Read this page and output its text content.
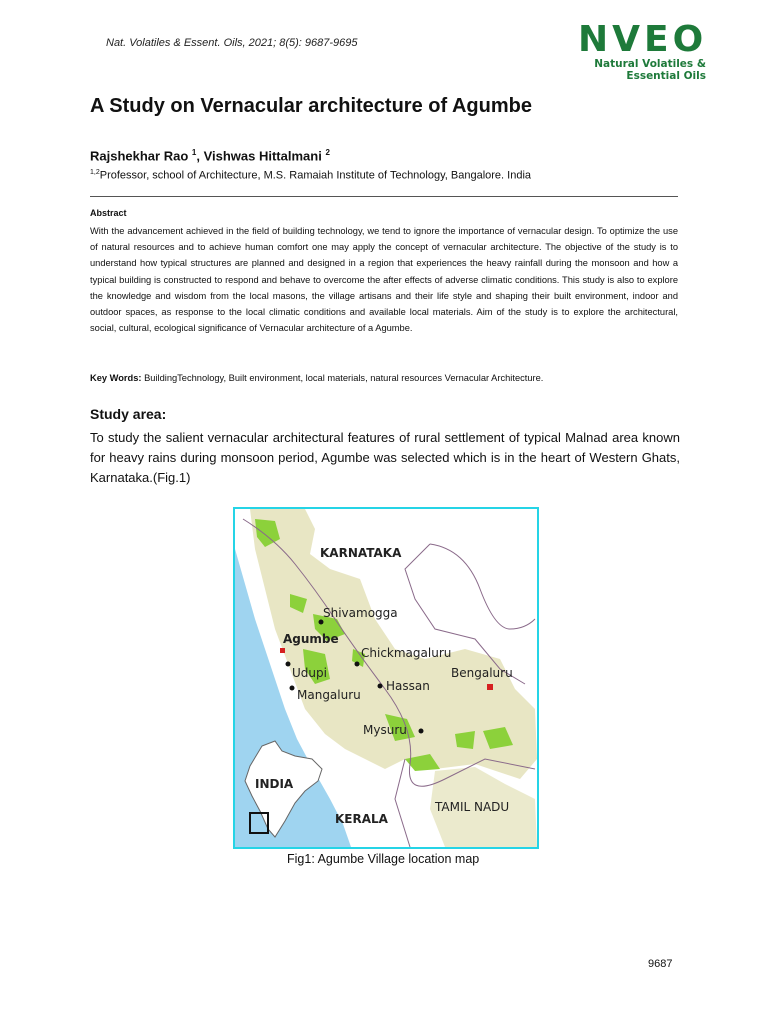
Nat. Volatiles & Essent. Oils, 2021; 8(5): 9687-9695	NVEO
Natural Volatiles &
Essential Oils
A Study on Vernacular architecture of Agumbe
Rajshekhar Rao $^1$, Vishwas Hittalmani $^2$
$^{1,2}$Professor, school of Architecture, M.S. Ramaiah Institute of Technology, Bangalore. India
Abstract
With the advancement achieved in the field of building technology, we tend to ignore the importance of vernacular design. To optimize the use of natural resources and to achieve human comfort one may apply the concept of vernacular architecture. The objective of the study is to understand how typical structures are planned and designed in a region that experiences the heavy rainfall during the monsoon and how a typical building is constructed to respond and behave to overcome the after effects of adverse climatic conditions. This study is also to explore the knowledge and wisdom from the local masons, the village artisans and their life style and shaping their built environment, indoor and outdoor spaces, as response to the local climatic conditions and available local materials. Aim of the study is to explore the architectural, social, cultural, ecological significance of Vernacular architecture of a Agumbe.
Key Words: BuildingTechnology, Built environment, local materials, natural resources Vernacular Architecture.
Study area:
To study the salient vernacular architectural features of rural settlement of typical Malnad area known for heavy rains during monsoon period, Agumbe was selected which is in the heart of Western Ghats, Karnataka.(Fig.1)
KARNATAKA
Shivamogga
Agumbe
Chickmagaluru
Udupi	Bengaluru
Hassan
Mangaluru
Mysuru
INDIA
KERALA
TAMIL NADU
Fig1: Agumbe Village location map
9687
